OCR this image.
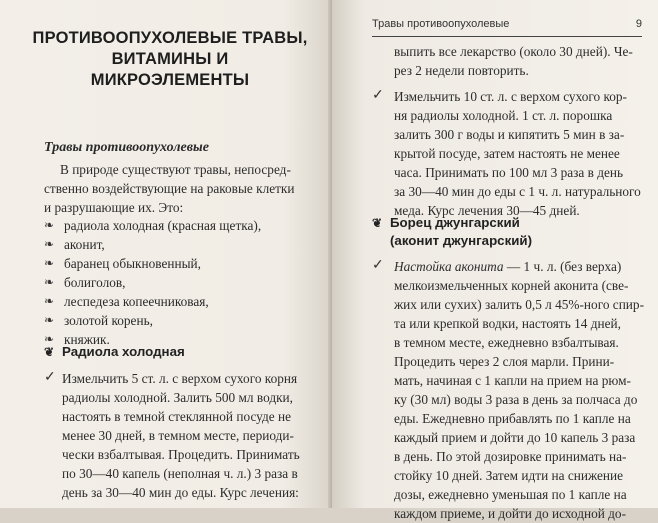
ПРОТИВООПУХОЛЕВЫЕ ТРАВЫ,
ВИТАМИНЫ И МИКРОЭЛЕМЕНТЫ
Травы противоопухолевые
В природе существуют травы, непосред-
ственно воздействующие на раковые клетки
и разрушающие их. Это:
❧ радиола холодная (красная щетка),
❧ аконит,
❧ баранец обыкновенный,
❧ болиголов,
❧ леспедеза копеечниковая,
❧ золотой корень,
❧ княжик.
❦ Радиола холодная
✓ Измельчить 5 ст. л. с верхом сухого корня
радиолы холодной. Залить 500 мл водки,
настоять в темной стеклянной посуде не
менее 30 дней, в темном месте, периоди-
чески взбалтывая. Процедить. Принимать
по 30—40 капель (неполная ч. л.) 3 раза в
день за 30—40 мин до еды. Курс лечения:
Травы противоопухолевые	9
выпить все лекарство (около 30 дней). Че-
рез 2 недели повторить.
✓ Измельчить 10 ст. л. с верхом сухого кор-
ня радиолы холодной. 1 ст. л. порошка
залить 300 г воды и кипятить 5 мин в за-
крытой посуде, затем настоять не менее
часа. Принимать по 100 мл 3 раза в день
за 30—40 мин до еды с 1 ч. л. натурального
меда. Курс лечения 30—45 дней.
❦ Борец джунгарский
(аконит джунгарский)
✓ Настойка аконита — 1 ч. л. (без верха)
мелкоизмельченных корней аконита (све-
жих или сухих) залить 0,5 л 45%-ного спир-
та или крепкой водки, настоять 14 дней,
в темном месте, ежедневно взбалтывая.
Процедить через 2 слоя марли. Прини-
мать, начиная с 1 капли на прием на рюм-
ку (30 мл) воды 3 раза в день за полчаса до
еды. Ежедневно прибавлять по 1 капле на
каждый прием и дойти до 10 капель 3 раза
в день. По этой дозировке принимать на-
стойку 10 дней. Затем идти на снижение
дозы, ежедневно уменьшая по 1 капле на
каждом приеме, и дойти до исходной до-
